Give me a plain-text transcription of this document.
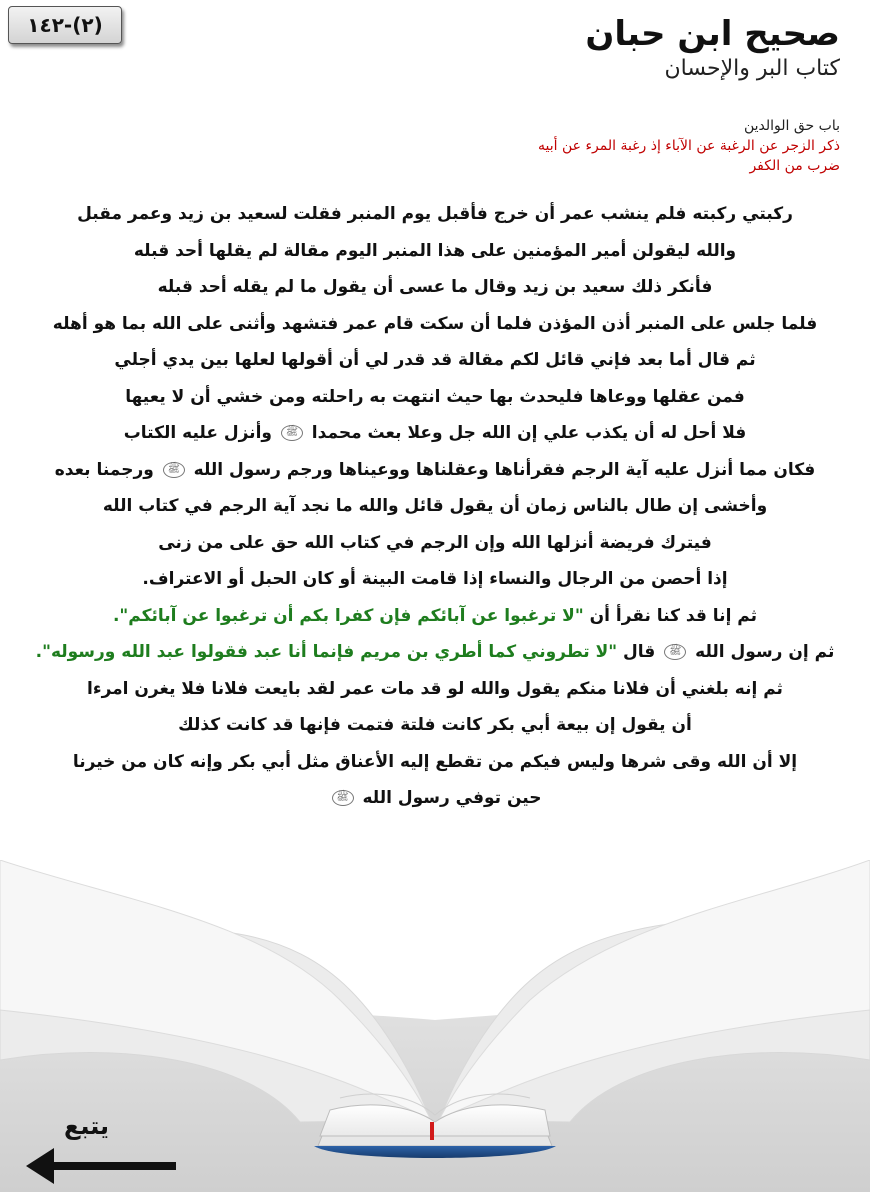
(٢)-١٤٢	صحيح ابن حبان
كتاب البر والإحسان
باب حق الوالدين
ذكر الزجر عن الرغبة عن الآباء إذ رغبة المرء عن أبيه
ضرب من الكفر
ركبتي ركبته فلم ينشب عمر أن خرج فأقبل يوم المنبر فقلت لسعيد بن زيد وعمر مقبل
والله ليقولن أمير المؤمنين على هذا المنبر اليوم مقالة لم يقلها أحد قبله
فأنكر ذلك سعيد بن زيد وقال ما عسى أن يقول ما لم يقله أحد قبله
فلما جلس على المنبر أذن المؤذن فلما أن سكت قام عمر فتشهد وأثنى على الله بما هو أهله
ثم قال أما بعد فإني قائل لكم مقالة قد قدر لي أن أقولها لعلها بين يدي أجلي
فمن عقلها ووعاها فليحدث بها حيث انتهت به راحلته ومن خشي أن لا يعيها
فلا أحل له أن يكذب علي إن الله جل وعلا بعث محمدا ﷺ وأنزل عليه الكتاب
فكان مما أنزل عليه آية الرجم فقرأناها وعقلناها ووعيناها ورجم رسول الله ﷺ ورجمنا بعده
وأخشى إن طال بالناس زمان أن يقول قائل والله ما نجد آية الرجم في كتاب الله
فيترك فريضة أنزلها الله وإن الرجم في كتاب الله حق على من زنى
إذا أحصن من الرجال والنساء إذا قامت البينة أو كان الحبل أو الاعتراف.
ثم إنا قد كنا نقرأ أن "لا ترغبوا عن آبائكم فإن كفرا بكم أن ترغبوا عن آبائكم".
ثم إن رسول الله ﷺ قال "لا تطروني كما أطري بن مريم فإنما أنا عبد فقولوا عبد الله ورسوله".
ثم إنه بلغني أن فلانا منكم يقول والله لو قد مات عمر لقد بايعت فلانا فلا يغرن امرءا
أن يقول إن بيعة أبي بكر كانت فلتة فتمت فإنها قد كانت كذلك
إلا أن الله وقى شرها وليس فيكم من تقطع إليه الأعناق مثل أبي بكر وإنه كان من خيرنا
حين توفي رسول الله ﷺ
يتبع
